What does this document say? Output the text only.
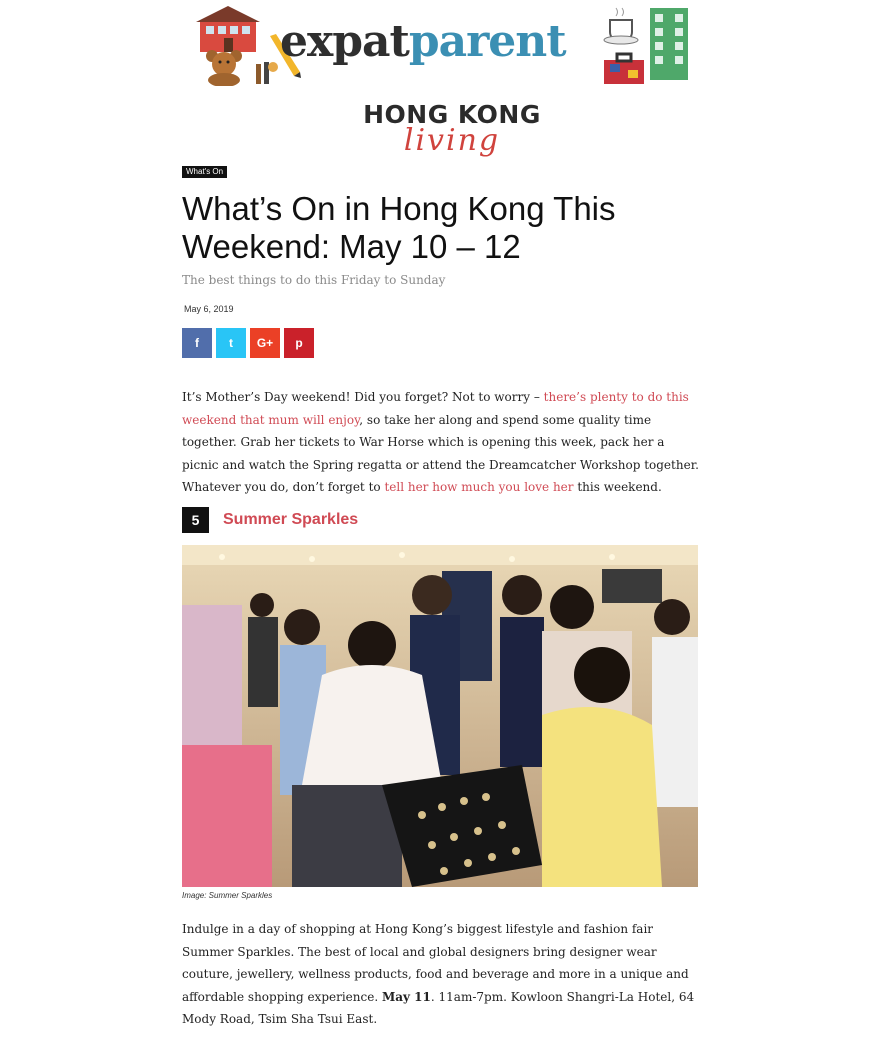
expatparent
HONG KONG
living
What's On
What’s On in Hong Kong This Weekend: May 10 – 12
The best things to do this Friday to Sunday
May 6, 2019
f	t G+ p

It’s Mother’s Day weekend! Did you forget? Not to worry – there’s plenty to do this weekend that mum will enjoy, so take her along and spend some quality time together. Grab her tickets to War Horse which is opening this week, pack her a picnic and watch the Spring regatta or attend the Dreamcatcher Workshop together. Whatever you do, don’t forget to tell her how much you love her this weekend.

5	Summer Sparkles
Image: Summer Sparkles

Indulge in a day of shopping at Hong Kong’s biggest lifestyle and fashion fair Summer Sparkles. The best of local and global designers bring designer wear couture, jewellery, wellness products, food and beverage and more in a unique and affordable shopping experience. May 11. 11am-7pm. Kowloon Shangri-La Hotel, 64 Mody Road, Tsim Sha Tsui East.
